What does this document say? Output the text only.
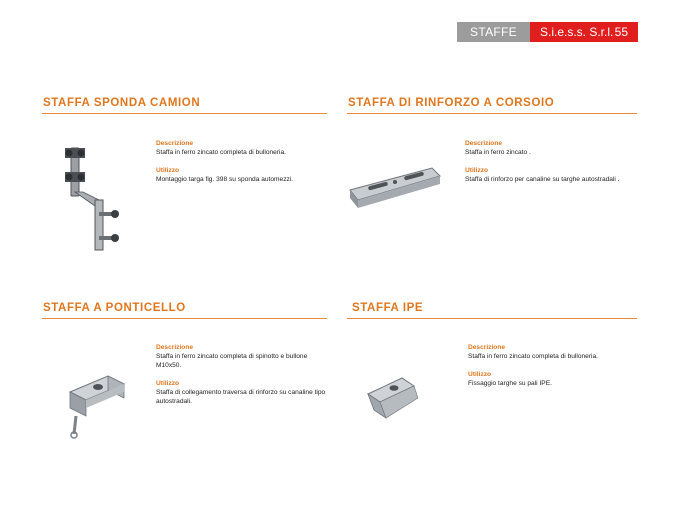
STAFFE	S.i.e.s.s. S.r.l. 55
STAFFA SPONDA CAMION
Descrizione
Staffa in ferro zincato completa di bulloneria.
Utilizzo
Montaggio targa fig. 398 su sponda automezzi.
STAFFA DI RINFORZO A CORSOIO
Descrizione
Staffa in ferro zincato .
Utilizzo
Staffa di rinforzo per canaline su targhe autostradali .
STAFFA A PONTICELLO
Descrizione
Staffa in ferro zincato completa di spinotto e bullone M10x50.
Utilizzo
Staffa di collegamento traversa di rinforzo su canaline tipo autostradali.
STAFFA IPE
Descrizione
Staffa in ferro zincato completa di bulloneria.
Utilizzo
Fissaggio targhe su pali IPE.
